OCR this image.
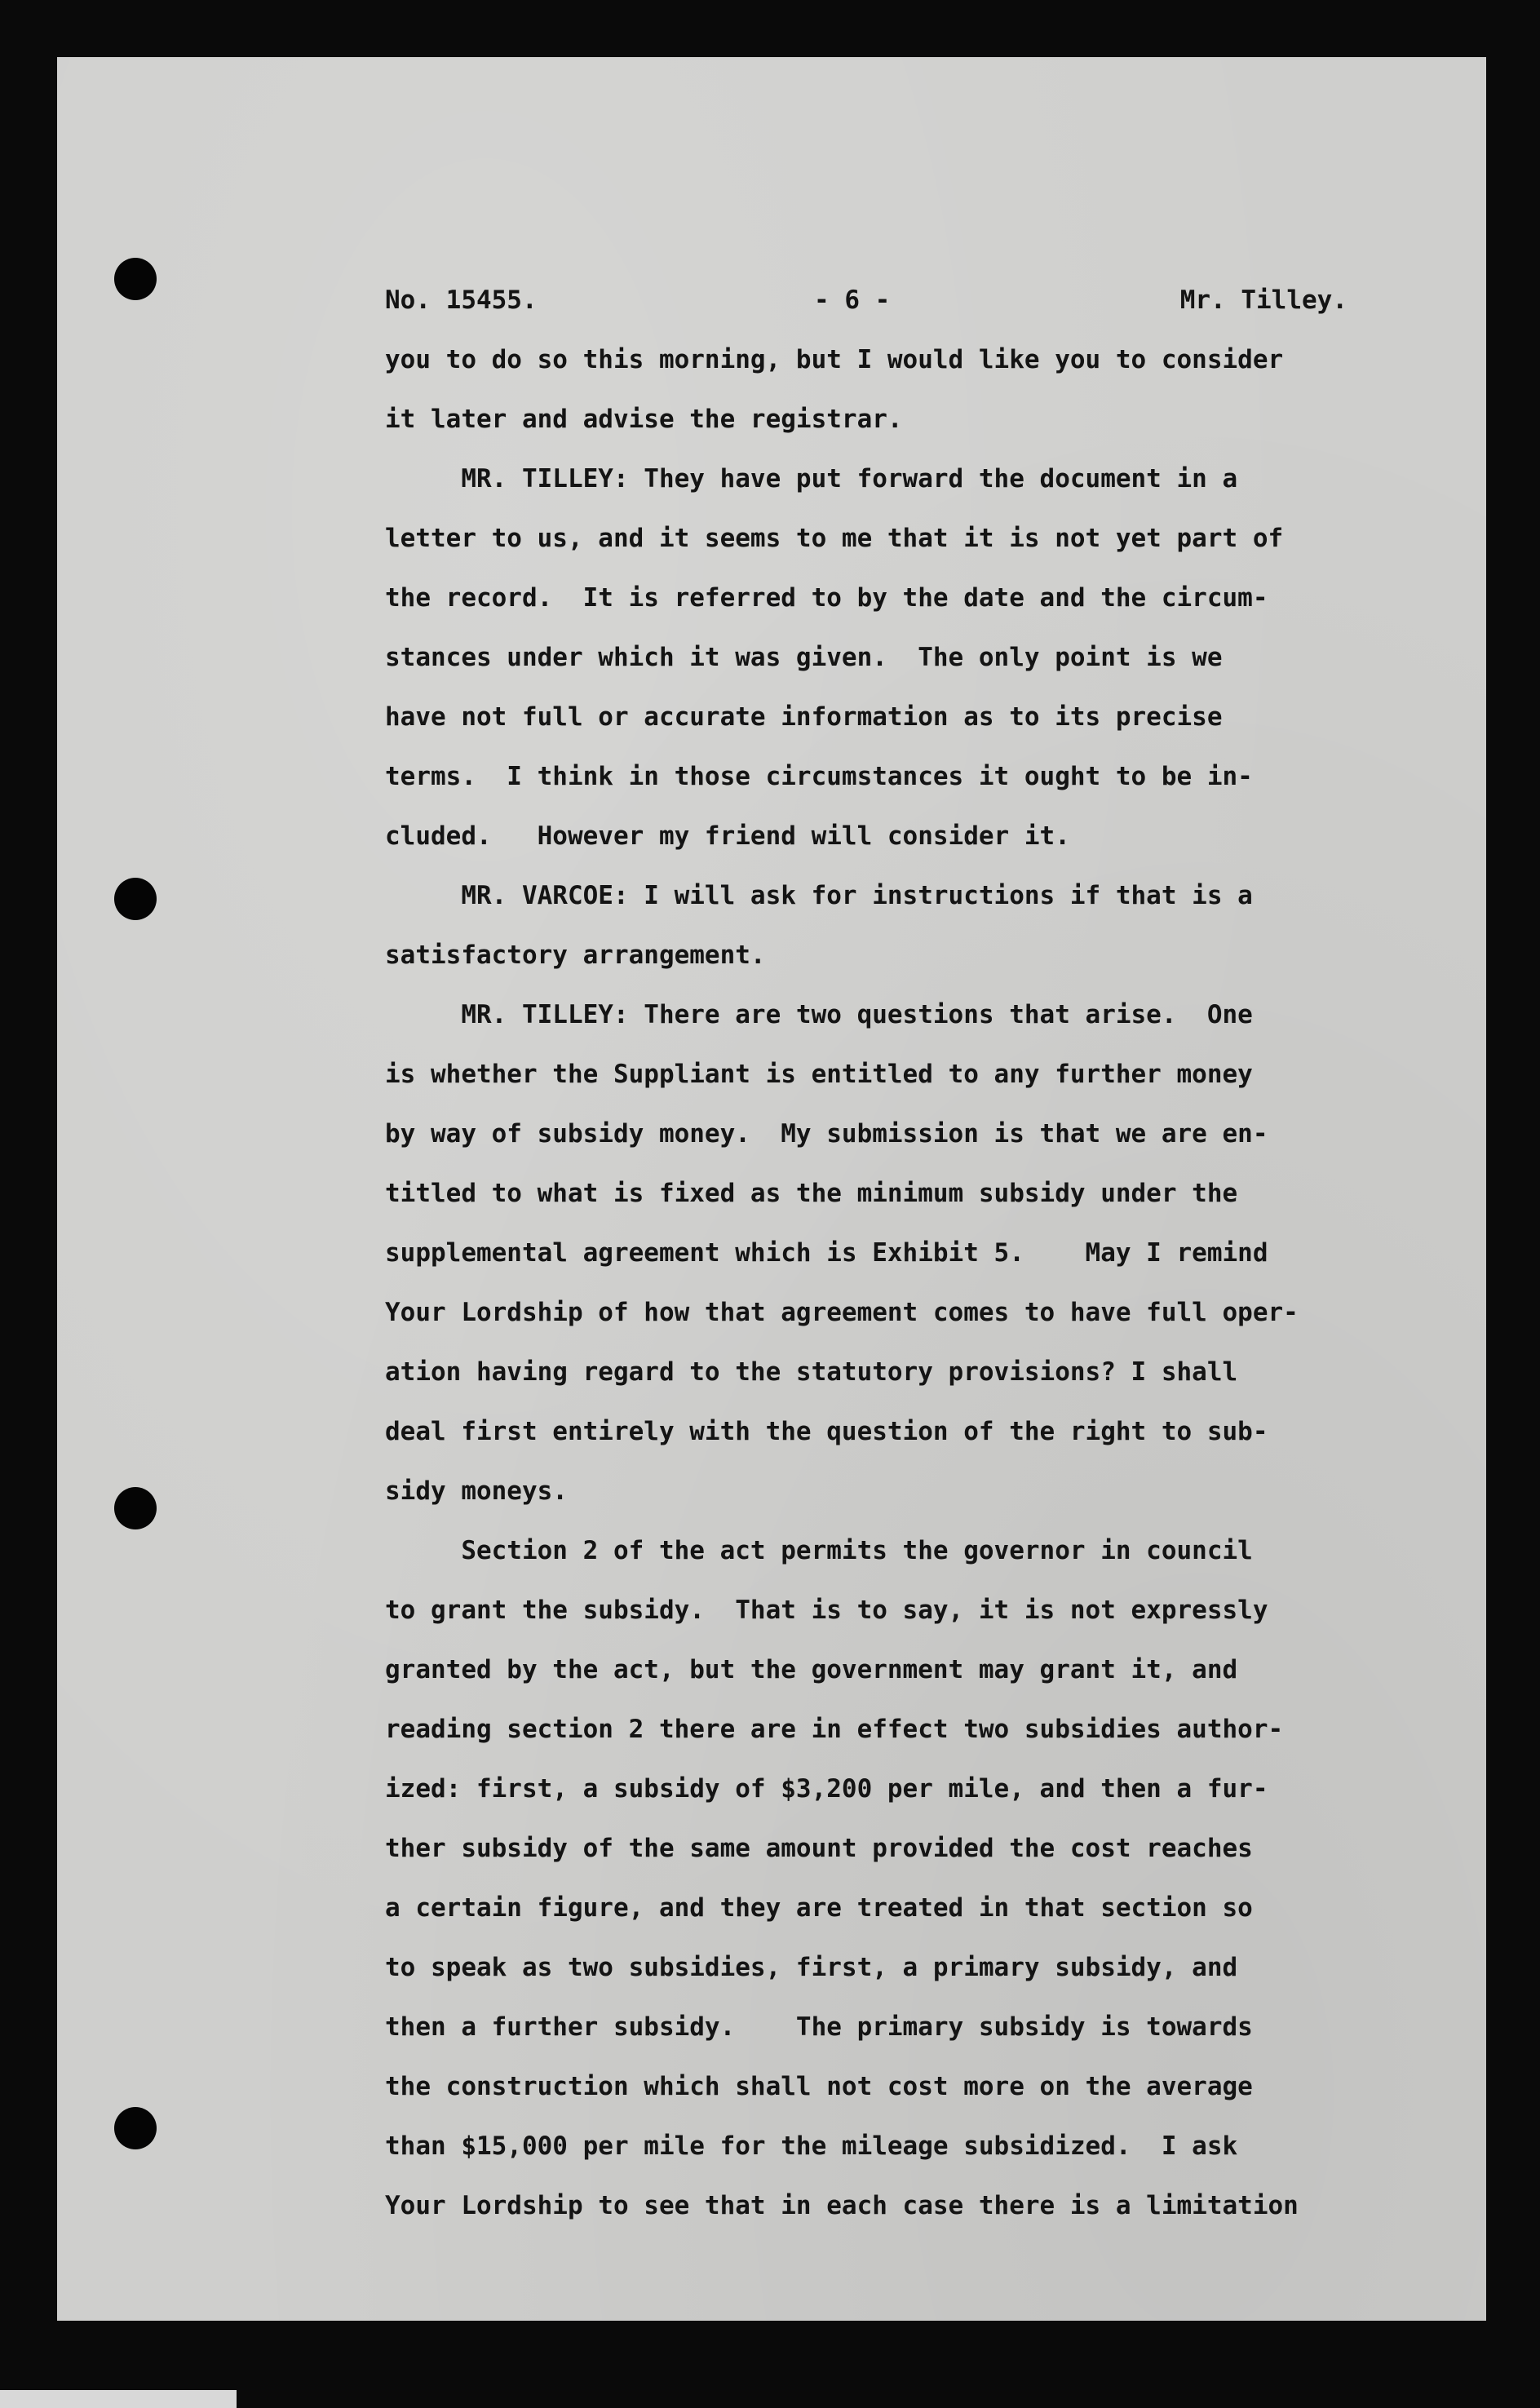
No. 15455.	- 6 -	Mr. Tilley.
you to do so this morning, but I would like you to consider
it later and advise the registrar.
MR. TILLEY: They have put forward the document in a
letter to us, and it seems to me that it is not yet part of
the record.  It is referred to by the date and the circum-
stances under which it was given.  The only point is we
have not full or accurate information as to its precise
terms.  I think in those circumstances it ought to be in-
cluded.   However my friend will consider it.
MR. VARCOE: I will ask for instructions if that is a
satisfactory arrangement.
MR. TILLEY: There are two questions that arise.  One
is whether the Suppliant is entitled to any further money
by way of subsidy money.  My submission is that we are en-
titled to what is fixed as the minimum subsidy under the
supplemental agreement which is Exhibit 5.    May I remind
Your Lordship of how that agreement comes to have full oper-
ation having regard to the statutory provisions? I shall
deal first entirely with the question of the right to sub-
sidy moneys.
Section 2 of the act permits the governor in council
to grant the subsidy.  That is to say, it is not expressly
granted by the act, but the government may grant it, and
reading section 2 there are in effect two subsidies author-
ized: first, a subsidy of $3,200 per mile, and then a fur-
ther subsidy of the same amount provided the cost reaches
a certain figure, and they are treated in that section so
to speak as two subsidies, first, a primary subsidy, and
then a further subsidy.    The primary subsidy is towards
the construction which shall not cost more on the average
than $15,000 per mile for the mileage subsidized.  I ask
Your Lordship to see that in each case there is a limitation
